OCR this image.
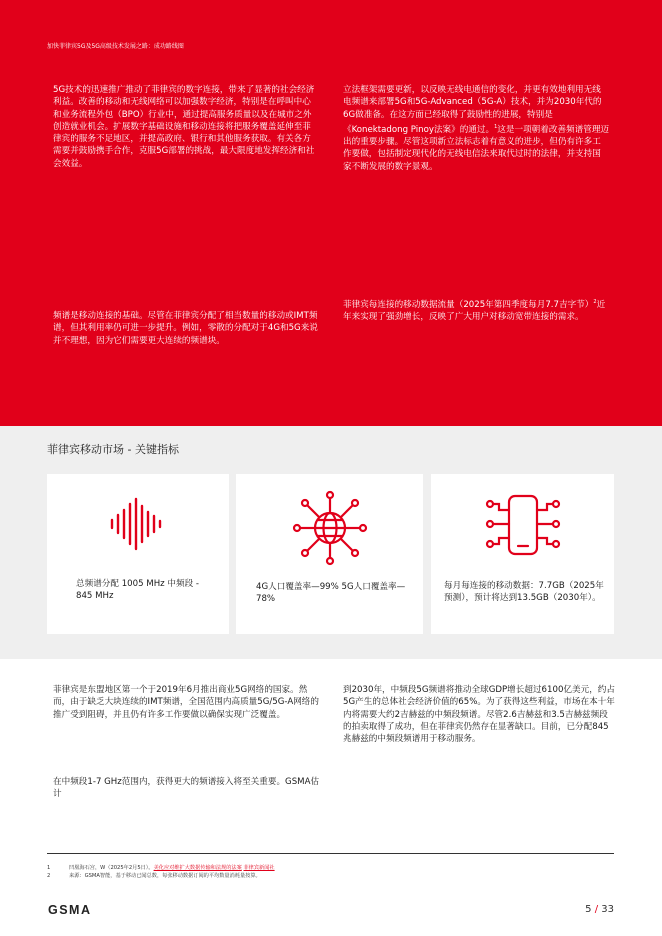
加快菲律宾5G及5G高级技术发展之路：成功路线图
5G技术的迅速推广推动了菲律宾的数字连接，带来了显著的社会经济利益。改善的移动和无线网络可以加强数字经济，特别是在呼叫中心和业务流程外包（BPO）行业中，通过提高服务质量以及在城市之外创造就业机会。扩展数字基础设施和移动连接将把服务覆盖延伸至菲律宾的服务不足地区，并提高政府、银行和其他服务获取。有关各方需要并鼓励携手合作，克服5G部署的挑战，最大限度地发挥经济和社会效益。
频谱是移动连接的基础。尽管在菲律宾分配了相当数量的移动或IMT频谱，但其利用率仍可进一步提升。例如，零散的分配对于4G和5G来说并不理想，因为它们需要更大连续的频谱块。
立法框架需要更新，以反映无线电通信的变化，并更有效地利用无线电频谱来部署5G和5G-Advanced（5G-A）技术，并为2030年代的6G做准备。在这方面已经取得了鼓励性的进展，特别是《Konektadong Pinoy法案》的通过。$^1$这是一项朝着改善频谱管理迈出的重要步骤。尽管这项新立法标志着有意义的进步，但仍有许多工作要做，包括制定现代化的无线电信法来取代过时的法律，并支持国家不断发展的数字景观。
菲律宾每连接的移动数据流量（2025年第四季度每月7.7吉字节）$^2$近年来实现了强劲增长，反映了广大用户对移动宽带连接的需求。
菲律宾移动市场 - 关键指标
总频谱分配 1005 MHz 中频段 - 845 MHz
4G人口覆盖率—99% 5G人口覆盖率—78%
每月每连接的移动数据：7.7GB（2025年预测），预计将达到13.5GB（2030年）。
菲律宾是东盟地区第一个于2019年6月推出商业5G网络的国家。然而，由于缺乏大块连续的IMT频谱，全国范围内高质量5G/5G-A网络的推广受到阻碍，并且仍有许多工作要做以确保实现广泛覆盖。
在中频段1-7 GHz范围内，获得更大的频谱接入将至关重要。GSMA估计
到2030年，中频段5G频谱将推动全球GDP增长超过6100亿美元，约占5G产生的总体社会经济价值的65%。为了获得这些利益，市场在本十年内将需要大约2吉赫兹的中频段频谱。尽管2.6吉赫兹和3.5吉赫兹频段的拍卖取得了成功，但在菲律宾仍然存在显著缺口。目前，已分配845兆赫兹的中频段频谱用于移动服务。
1	凹凰海石宫，W（2025年2月5日）。美化应对维扩大数据传输和法规的法案 菲律宾新闻社
2	来源：GSMA智能，基于移动已闻总数，每张移动数据订阅的平均数量消耗量按算。
GSMA	5 / 33
